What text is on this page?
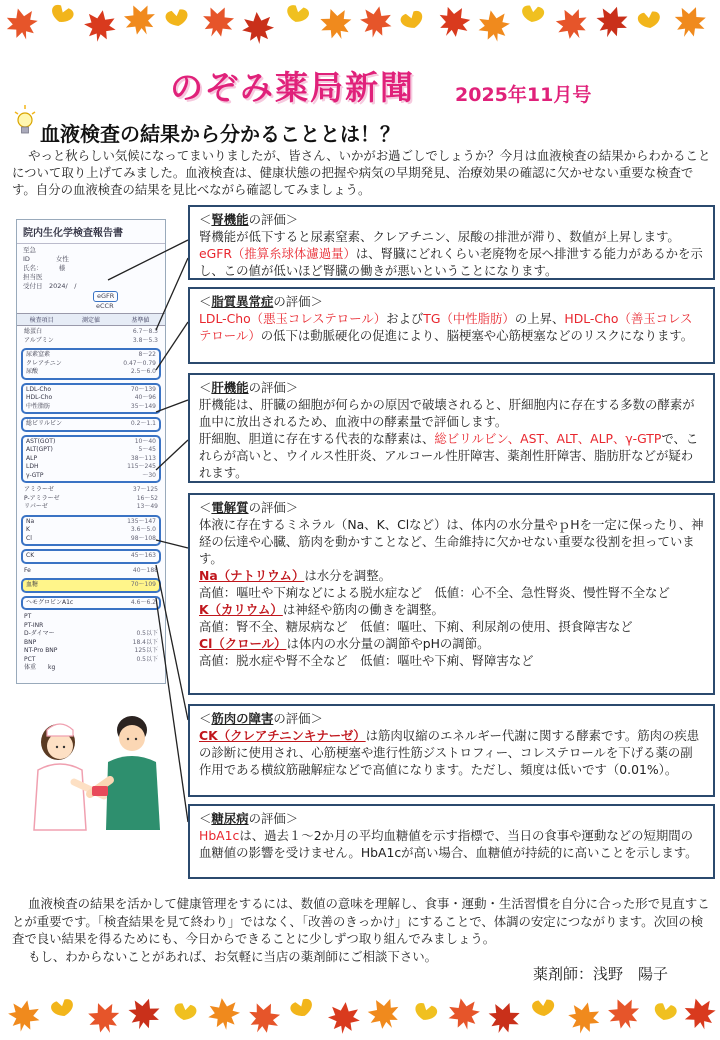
のぞみ薬局新聞 2025年11月号
血液検査の結果から分かることとは！？

やっと秋らしい気候になってまいりましたが、皆さん、いかがお過ごしでしょうか？今月は血液検査の結果からわかることについて取り上げてみました。血液検査は、健康状態の把握や病気の早期発見、治療効果の確認に欠かせない重要な検査です。自分の血液検査の結果を見比べながら確認してみましょう。

院内生化学検査報告書
至急
ID　　　　女性
氏名：　　　様
担当医
受付日　2024/　/
eGFR
eCCR
検査項目	測定値	基準値
総蛋白	6.7～8.3
アルブミン	3.8～5.3
尿素窒素	8～22
クレアチニン	0.47～0.79
尿酸	2.5～6.0
LDL-Cho	70～139
HDL-Cho	40～96
中性脂肪	35～149
総ビリルビン	0.2～1.1
AST(GOT)	10～40
ALT(GPT)	5～45
ALP	38～113
LDH	115～245
γ-GTP	～30
アミラーゼ	37～125
P-アミラーゼ	16～52
リパーゼ	13～49
Na	135～147
K	3.6～5.0
Cl	98～108
CK	45～163
Fe	40～188
血糖	70～109
ヘモグロビンA1c	4.6～6.2
PT
PT-INR
D-ダイマー	0.5以下
BNP	18.4以下
NT-Pro BNP	125以下
PCT	0.5以下
体重　　kg
＜腎機能の評価＞
腎機能が低下すると尿素窒素、クレアチニン、尿酸の排泄が滞り、数値が上昇します。eGFR（推算糸球体濾過量）は、腎臓にどれくらい老廃物を尿へ排泄する能力があるかを示し、この値が低いほど腎臓の働きが悪いということになります。
＜脂質異常症の評価＞
LDL-Cho（悪玉コレステロール）およびTG（中性脂肪）の上昇、HDL-Cho（善玉コレステロール）の低下は動脈硬化の促進により、脳梗塞や心筋梗塞などのリスクになります。
＜肝機能の評価＞
肝機能は、肝臓の細胞が何らかの原因で破壊されると、肝細胞内に存在する多数の酵素が血中に放出されるため、血液中の酵素量で評価します。
肝細胞、胆道に存在する代表的な酵素は、総ビリルビン、AST、ALT、ALP、γ-GTPで、これらが高いと、ウイルス性肝炎、アルコール性肝障害、薬剤性肝障害、脂肪肝などが疑われます。
＜電解質の評価＞
体液に存在するミネラル（Na、K、Clなど）は、体内の水分量やｐHを一定に保ったり、神経の伝達や心臓、筋肉を動かすことなど、生命維持に欠かせない重要な役割を担っています。
Na（ナトリウム）は水分を調整。
高値：嘔吐や下痢などによる脱水症など　低値：心不全、急性腎炎、慢性腎不全など
K（カリウム）は神経や筋肉の働きを調整。
高値：腎不全、糖尿病など　低値：嘔吐、下痢、利尿剤の使用、摂食障害など
Cl（クロール）は体内の水分量の調節やpHの調節。
高値：脱水症や腎不全など　低値：嘔吐や下痢、腎障害など
＜筋肉の障害の評価＞
CK（クレアチニンキナーゼ）は筋肉収縮のエネルギー代謝に関する酵素です。筋肉の疾患の診断に使用され、心筋梗塞や進行性筋ジストロフィー、コレステロールを下げる薬の副作用である横紋筋融解症などで高値になります。ただし、頻度は低いです（0.01%）。
＜糖尿病の評価＞
HbA1cは、過去１～2か月の平均血糖値を示す指標で、当日の食事や運動などの短期間の血糖値の影響を受けません。HbA1cが高い場合、血糖値が持続的に高いことを示します。

血液検査の結果を活かして健康管理をするには、数値の意味を理解し、食事・運動・生活習慣を自分に合った形で見直すことが重要です。「検査結果を見て終わり」ではなく、「改善のきっかけ」にすることで、体調の安定につながります。次回の検査で良い結果を得るためにも、今日からできることに少しずつ取り組んでみましょう。

もし、わからないことがあれば、お気軽に当店の薬剤師にご相談下さい。

薬剤師：浅野　陽子
